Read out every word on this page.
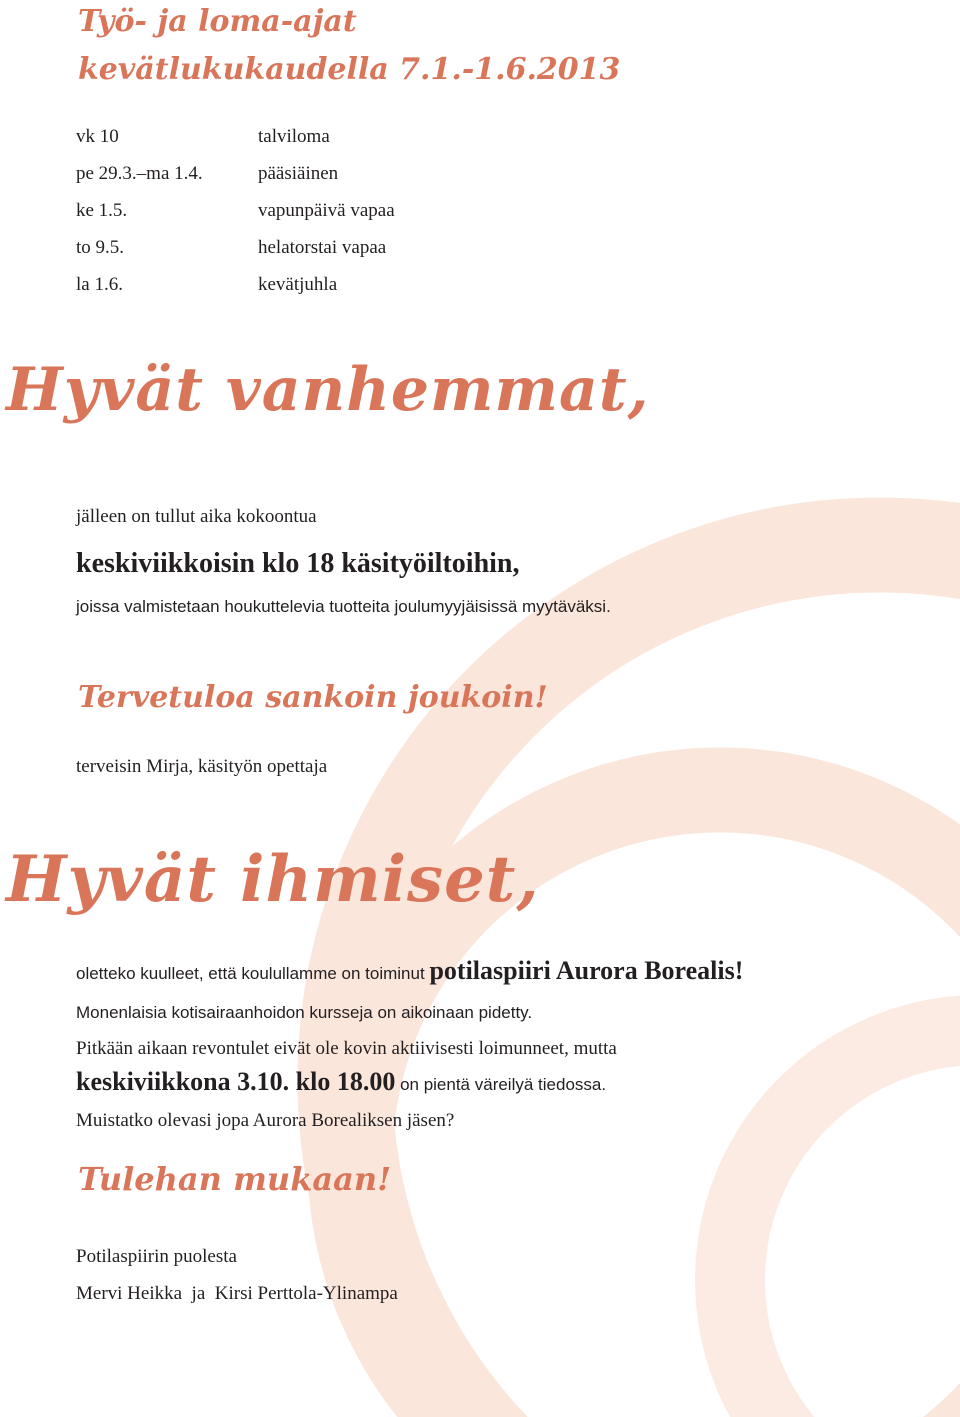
Työ- ja loma-ajat
kevätlukukaudella 7.1.-1.6.2013
vk 10	talviloma
pe 29.3.–ma 1.4.	pääsiäinen
ke 1.5.	vapunpäivä vapaa
to 9.5.	helatorstai vapaa
la 1.6.	kevätjuhla
Hyvät vanhemmat,

jälleen on tullut aika kokoontua

keskiviikkoisin klo 18 käsityöiltoihin,

joissa valmistetaan houkuttelevia tuotteita joulumyyjäisissä myytäväksi.

Tervetuloa sankoin joukoin!

terveisin Mirja, käsityön opettaja

Hyvät ihmiset,

oletteko kuulleet, että koulullamme on toiminut potilaspiiri Aurora Borealis!

Monenlaisia kotisairaanhoidon kursseja on aikoinaan pidetty.

Pitkään aikaan revontulet eivät ole kovin aktiivisesti loimunneet, mutta

keskiviikkona 3.10. klo 18.00 on pientä väreilyä tiedossa.

Muistatko olevasi jopa Aurora Borealiksen jäsen?

Tulehan mukaan!

Potilaspiirin puolesta

Mervi Heikka  ja  Kirsi Perttola-Ylinampa
